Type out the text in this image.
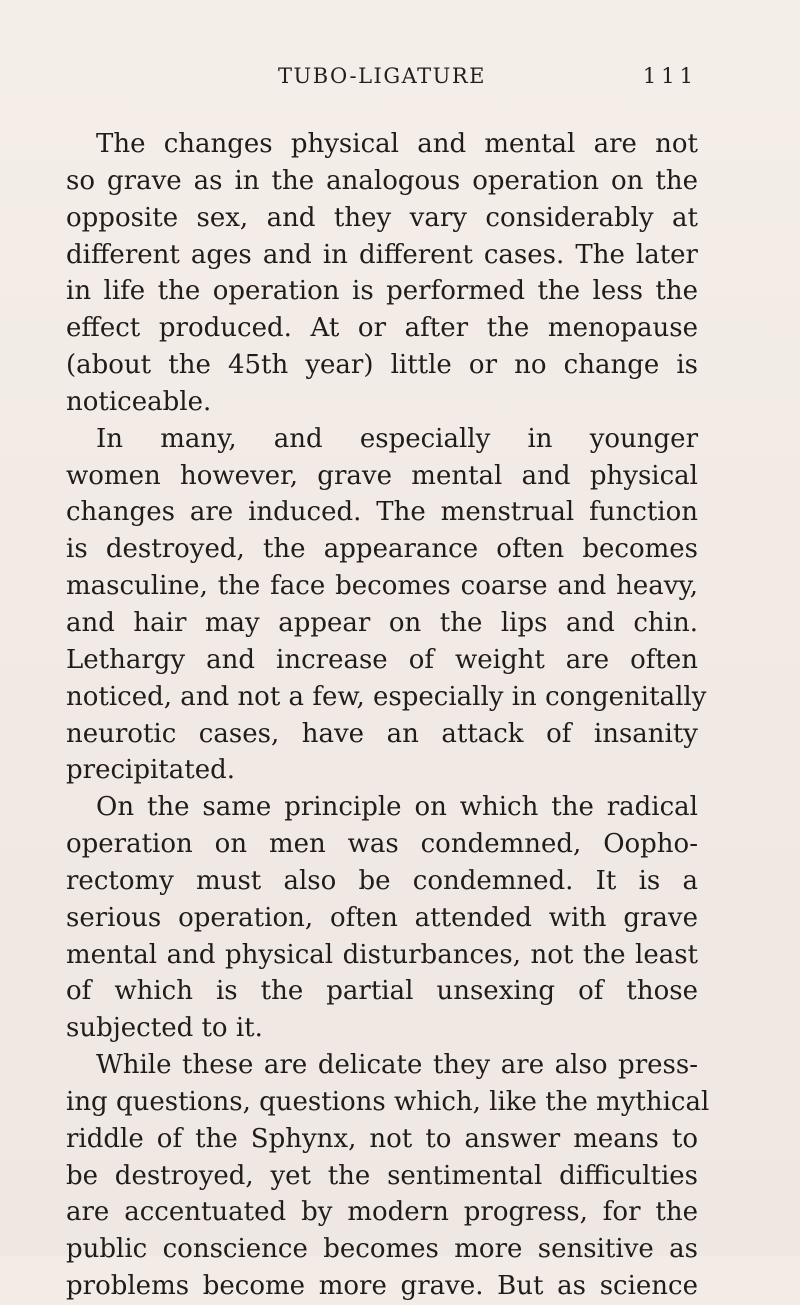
TUBO-LIGATURE	111
The changes physical and mental are not
so grave as in the analogous operation on the
opposite sex, and they vary considerably at
different ages and in different cases. The later
in life the operation is performed the less the
effect produced. At or after the menopause
(about the 45th year) little or no change is
noticeable.
In many, and especially in younger
women however, grave mental and physical
changes are induced. The menstrual function
is destroyed, the appearance often becomes
masculine, the face becomes coarse and heavy,
and hair may appear on the lips and chin.
Lethargy and increase of weight are often
noticed, and not a few, especially in congenitally
neurotic cases, have an attack of insanity
precipitated.
On the same principle on which the radical
operation on men was condemned, Oopho-
rectomy must also be condemned. It is a
serious operation, often attended with grave
mental and physical disturbances, not the least
of which is the partial unsexing of those
subjected to it.
While these are delicate they are also press-
ing questions, questions which, like the mythical
riddle of the Sphynx, not to answer means to
be destroyed, yet the sentimental difficulties
are accentuated by modern progress, for the
public conscience becomes more sensitive as
problems become more grave. But as science
